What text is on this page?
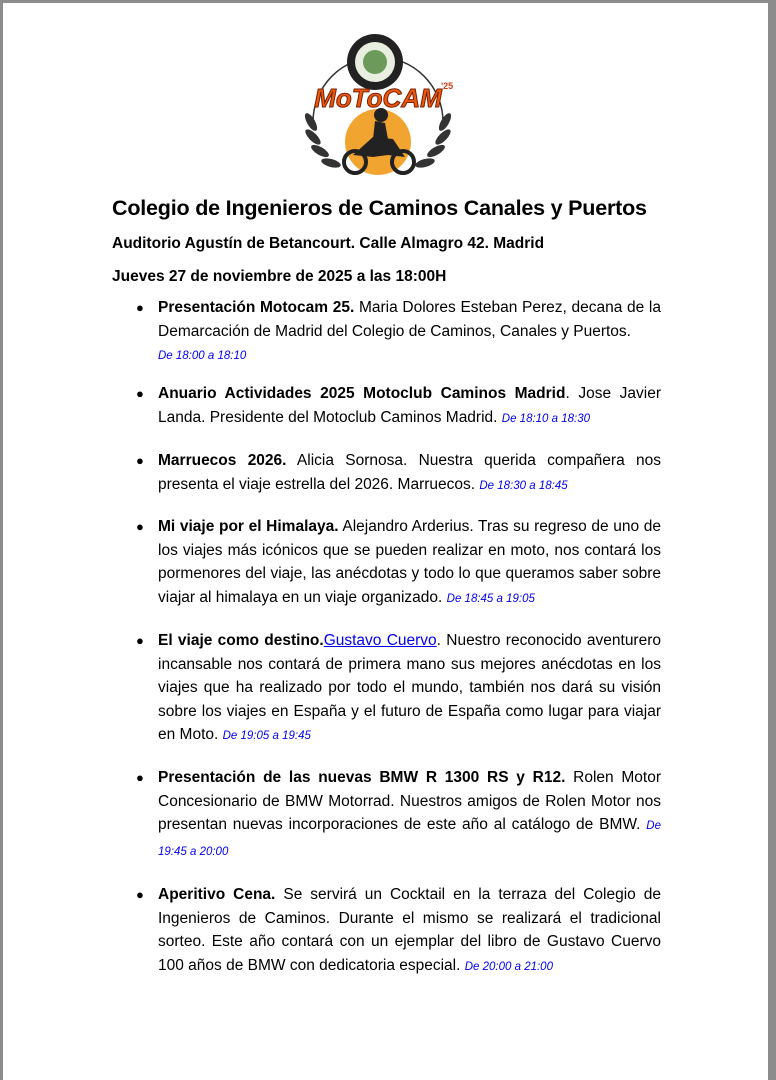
MoToCAM '25
Colegio de Ingenieros de Caminos Canales y Puertos
Auditorio Agustín de Betancourt. Calle Almagro 42. Madrid
Jueves 27 de noviembre de 2025 a las 18:00H
● Presentación Motocam 25. Maria Dolores Esteban Perez, decana de la Demarcación de Madrid del Colegio de Caminos, Canales y Puertos.
De 18:00 a 18:10
● Anuario Actividades 2025 Motoclub Caminos Madrid. Jose Javier Landa. Presidente del Motoclub Caminos Madrid. De 18:10 a 18:30
● Marruecos 2026. Alicia Sornosa. Nuestra querida compañera nos presenta el viaje estrella del 2026. Marruecos. De 18:30 a 18:45
● Mi viaje por el Himalaya. Alejandro Arderius. Tras su regreso de uno de los viajes más icónicos que se pueden realizar en moto, nos contará los pormenores del viaje, las anécdotas y todo lo que queramos saber sobre viajar al himalaya en un viaje organizado. De 18:45 a 19:05
● El viaje como destino.Gustavo Cuervo. Nuestro reconocido aventurero incansable nos contará de primera mano sus mejores anécdotas en los viajes que ha realizado por todo el mundo, también nos dará su visión sobre los viajes en España y el futuro de España como lugar para viajar en Moto. De 19:05 a 19:45
● Presentación de las nuevas BMW R 1300 RS y R12. Rolen Motor Concesionario de BMW Motorrad. Nuestros amigos de Rolen Motor nos presentan nuevas incorporaciones de este año al catálogo de BMW. De 19:45 a 20:00
● Aperitivo Cena. Se servirá un Cocktail en la terraza del Colegio de Ingenieros de Caminos. Durante el mismo se realizará el tradicional sorteo. Este año contará con un ejemplar del libro de Gustavo Cuervo 100 años de BMW con dedicatoria especial. De 20:00 a 21:00
